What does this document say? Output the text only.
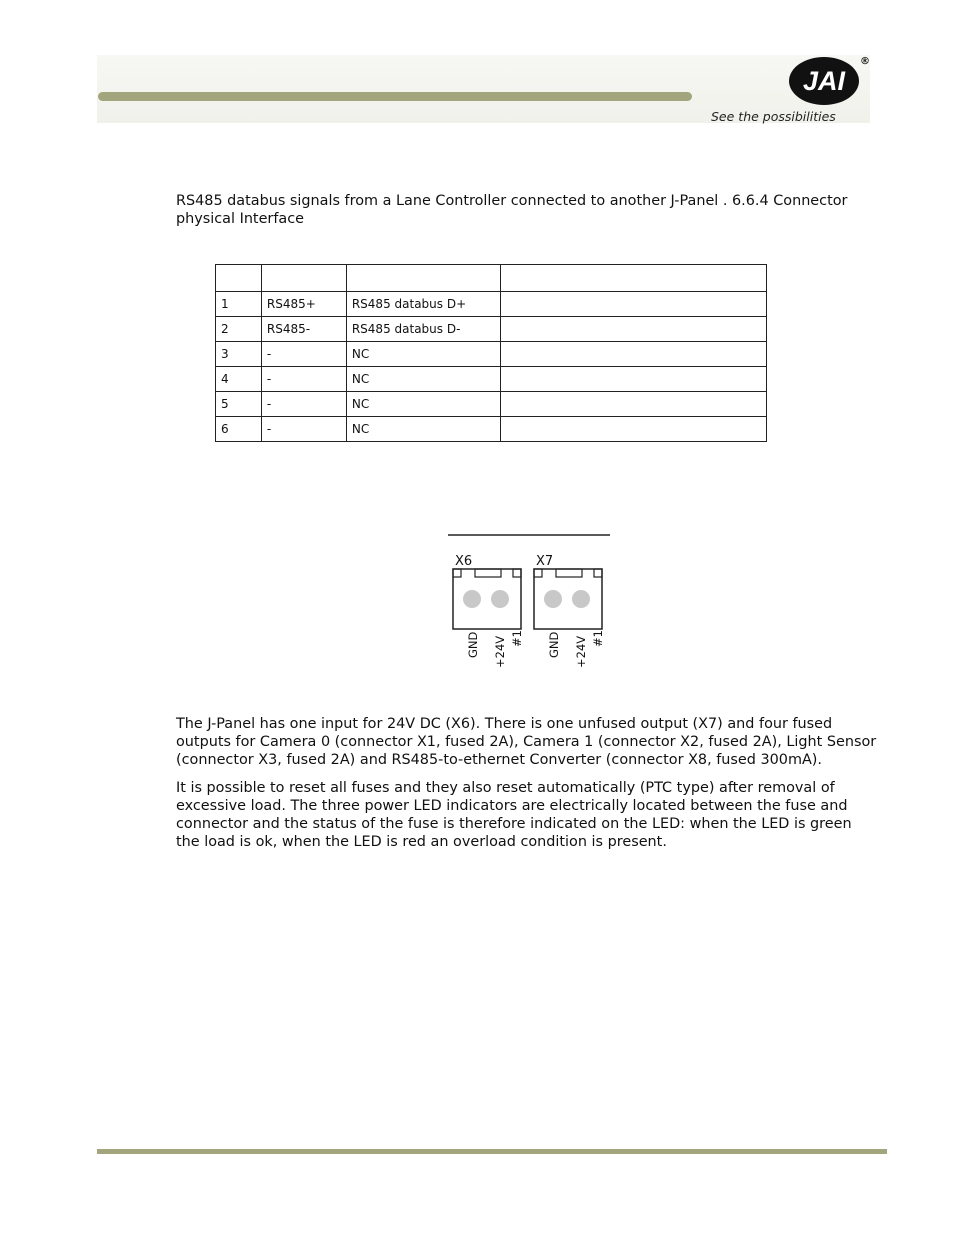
JAI
®
See the possibilities

RS485 databus signals from a Lane Controller connected to another J-Panel . 6.6.4 Connector physical Interface

1	RS485+	RS485 databus D+	
2	RS485-	RS485 databus D-	
3	-	NC	
4	-	NC	
5	-	NC	
6	-	NC	
X6
GND +24V #1
X7
GND +24V #1

The J-Panel has one input for 24V DC (X6). There is one unfused output (X7) and four fused outputs for Camera 0 (connector X1, fused 2A), Camera 1 (connector X2, fused 2A), Light Sensor (connector X3, fused 2A) and RS485-to-ethernet Converter (connector X8, fused 300mA).

It is possible to reset all fuses and they also reset automatically (PTC type) after removal of excessive load. The three power LED indicators are electrically located between the fuse and connector and the status of the fuse is therefore indicated on the LED: when the LED is green the load is ok, when the LED is red an overload condition is present.
